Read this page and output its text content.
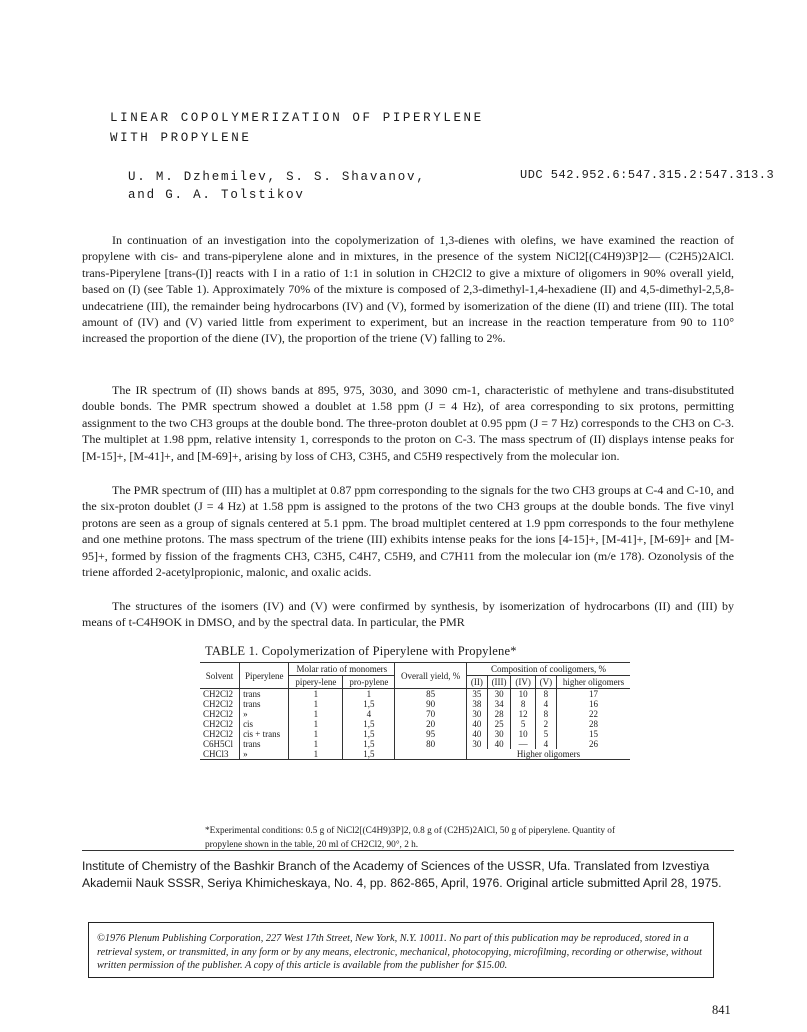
LINEAR COPOLYMERIZATION OF PIPERYLENE
WITH PROPYLENE
U. M. Dzhemilev, S. S. Shavanov,
and G. A. Tolstikov
UDC 542.952.6:547.315.2:547.313.3

In continuation of an investigation into the copolymerization of 1,3-dienes with olefins, we have examined the reaction of propylene with cis- and trans-piperylene alone and in mixtures, in the presence of the system NiCl2[(C4H9)3P]2— (C2H5)2AlCl. trans-Piperylene [trans-(I)] reacts with I in a ratio of 1:1 in solution in CH2Cl2 to give a mixture of oligomers in 90% overall yield, based on (I) (see Table 1). Approximately 70% of the mixture is composed of 2,3-dimethyl-1,4-hexadiene (II) and 4,5-dimethyl-2,5,8-undecatriene (III), the remainder being hydrocarbons (IV) and (V), formed by isomerization of the diene (II) and triene (III). The total amount of (IV) and (V) varied little from experiment to experiment, but an increase in the reaction temperature from 90 to 110° increased the proportion of the diene (IV), the proportion of the triene (V) falling to 2%.

The IR spectrum of (II) shows bands at 895, 975, 3030, and 3090 cm-1, characteristic of methylene and trans-disubstituted double bonds. The PMR spectrum showed a doublet at 1.58 ppm (J = 4 Hz), of area corresponding to six protons, permitting assignment to the two CH3 groups at the double bond. The three-proton doublet at 0.95 ppm (J = 7 Hz) corresponds to the CH3 on C-3. The multiplet at 1.98 ppm, relative intensity 1, corresponds to the proton on C-3. The mass spectrum of (II) displays intense peaks for [M-15]+, [M-41]+, and [M-69]+, arising by loss of CH3, C3H5, and C5H9 respectively from the molecular ion.

The PMR spectrum of (III) has a multiplet at 0.87 ppm corresponding to the signals for the two CH3 groups at C-4 and C-10, and the six-proton doublet (J = 4 Hz) at 1.58 ppm is assigned to the protons of the two CH3 groups at the double bonds. The five vinyl protons are seen as a group of signals centered at 5.1 ppm. The broad multiplet centered at 1.9 ppm corresponds to the four methylene and one methine protons. The mass spectrum of the triene (III) exhibits intense peaks for the ions [4-15]+, [M-41]+, [M-69]+ and [M-95]+, formed by fission of the fragments CH3, C3H5, C4H7, C5H9, and C7H11 from the molecular ion (m/e 178). Ozonolysis of the triene afforded 2-acetylpropionic, malonic, and oxalic acids.

The structures of the isomers (IV) and (V) were confirmed by synthesis, by isomerization of hydrocarbons (II) and (III) by means of t-C4H9OK in DMSO, and by the spectral data. In particular, the PMR

TABLE 1. Copolymerization of Piperylene with Propylene*
Solvent	Piperylene	Molar ratio of monomers		Overall yield, %	Composition of cooligomers, %				
		pipery-lene	pro-pylene		(II)	(III)	(IV)	(V)	higher oligomers
CH2Cl2	trans	1	1	85	35	30	10	8	17
CH2Cl2	trans	1	1,5	90	38	34	8	4	16
CH2Cl2	»	1	4	70	30	28	12	8	22
CH2Cl2	cis	1	1,5	20	40	25	5	2	28
CH2Cl2	cis + trans	1	1,5	95	40	30	10	5	15
C6H5Cl	trans	1	1,5	80	30	40	—	4	26
CHCl3	»	1	1,5		Higher oligomers				
*Experimental conditions: 0.5 g of NiCl2[(C4H9)3P]2, 0.8 g of (C2H5)2AlCl, 50 g of piperylene. Quantity of propylene shown in the table, 20 ml of CH2Cl2, 90°, 2 h.
Institute of Chemistry of the Bashkir Branch of the Academy of Sciences of the USSR, Ufa. Translated from Izvestiya Akademii Nauk SSSR, Seriya Khimicheskaya, No. 4, pp. 862-865, April, 1976. Original article submitted April 28, 1975.
©1976 Plenum Publishing Corporation, 227 West 17th Street, New York, N.Y. 10011. No part of this publication may be reproduced, stored in a retrieval system, or transmitted, in any form or by any means, electronic, mechanical, photocopying, microfilming, recording or otherwise, without written permission of the publisher. A copy of this article is available from the publisher for $15.00.
841
